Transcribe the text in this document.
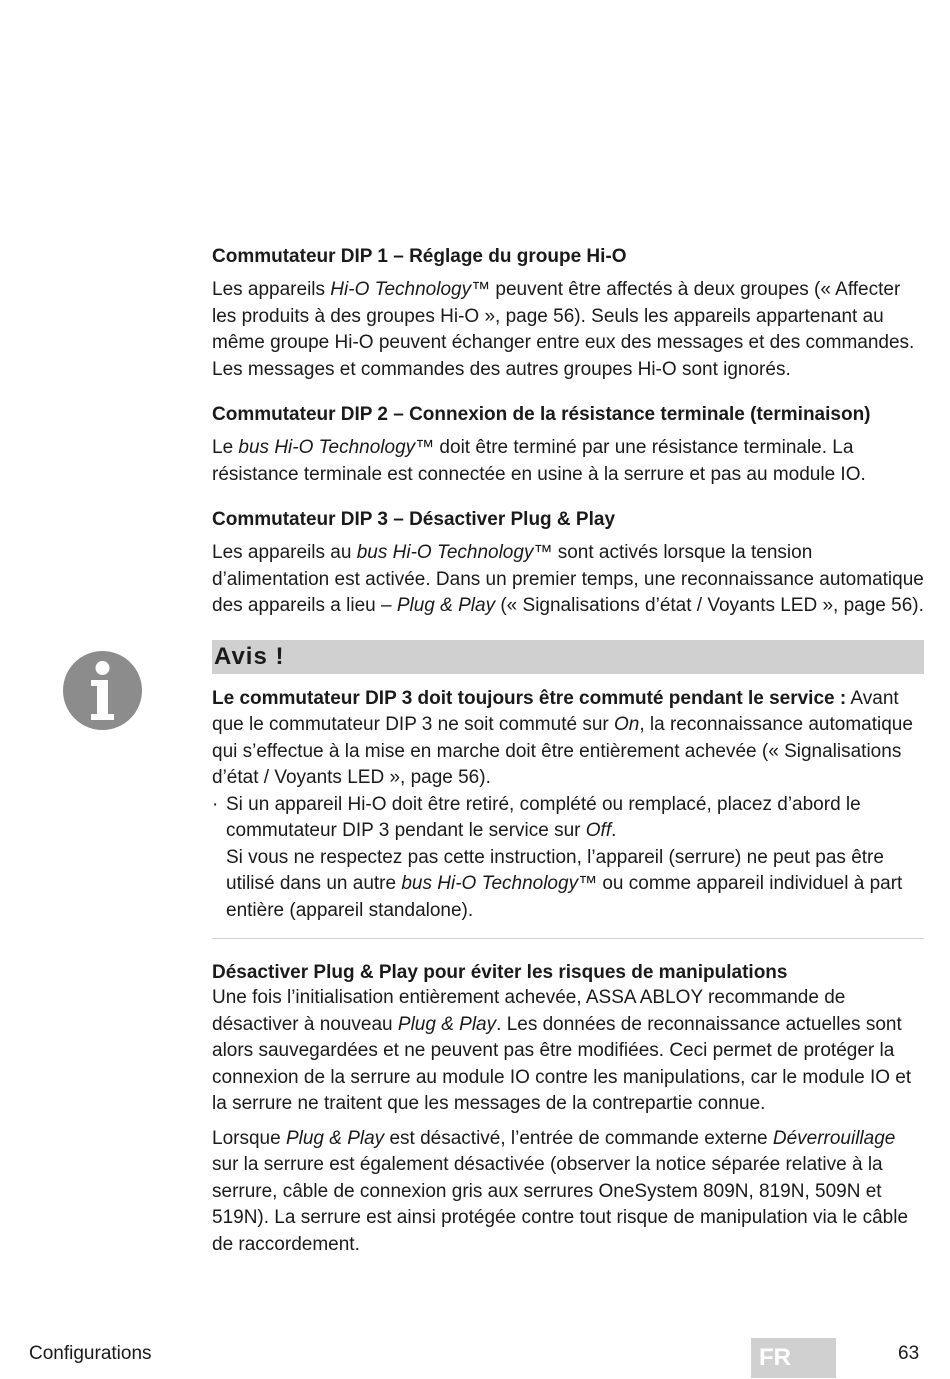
Commutateur DIP 1 – Réglage du groupe Hi-O

Les appareils Hi-O Technology™ peuvent être affectés à deux groupes (« Affecter les produits à des groupes Hi-O », page 56). Seuls les appareils appartenant au même groupe Hi-O peuvent échanger entre eux des messages et des commandes. Les messages et commandes des autres groupes Hi-O sont ignorés.

Commutateur DIP 2 – Connexion de la résistance terminale (terminaison)

Le bus Hi-O Technology™ doit être terminé par une résistance terminale. La résistance terminale est connectée en usine à la serrure et pas au module IO.

Commutateur DIP 3 – Désactiver Plug & Play

Les appareils au bus Hi-O Technology™ sont activés lorsque la tension d’alimentation est activée. Dans un premier temps, une reconnaissance automatique des appareils a lieu – Plug & Play (« Signalisations d’état / Voyants LED », page 56).

Avis !

Le commutateur DIP 3 doit toujours être commuté pendant le service : Avant que le commutateur DIP 3 ne soit commuté sur On, la reconnaissance automatique qui s’effectue à la mise en marche doit être entièrement achevée (« Signalisations d’état / Voyants LED », page 56).

· Si un appareil Hi-O doit être retiré, complété ou remplacé, placez d’abord le commutateur DIP 3 pendant le service sur Off.

Si vous ne respectez pas cette instruction, l’appareil (serrure) ne peut pas être utilisé dans un autre bus Hi-O Technology™ ou comme appareil individuel à part entière (appareil standalone).

Désactiver Plug & Play pour éviter les risques de manipulations

Une fois l’initialisation entièrement achevée, ASSA ABLOY recommande de désactiver à nouveau Plug & Play. Les données de reconnaissance actuelles sont alors sauvegardées et ne peuvent pas être modifiées. Ceci permet de protéger la connexion de la serrure au module IO contre les manipulations, car le module IO et la serrure ne traitent que les messages de la contrepartie connue.

Lorsque Plug & Play est désactivé, l’entrée de commande externe Déverrouillage sur la serrure est également désactivée (observer la notice séparée relative à la serrure, câble de connexion gris aux serrures OneSystem 809N, 819N, 509N et 519N). La serrure est ainsi protégée contre tout risque de manipulation via le câble de raccordement.

Configurations	FR	63
